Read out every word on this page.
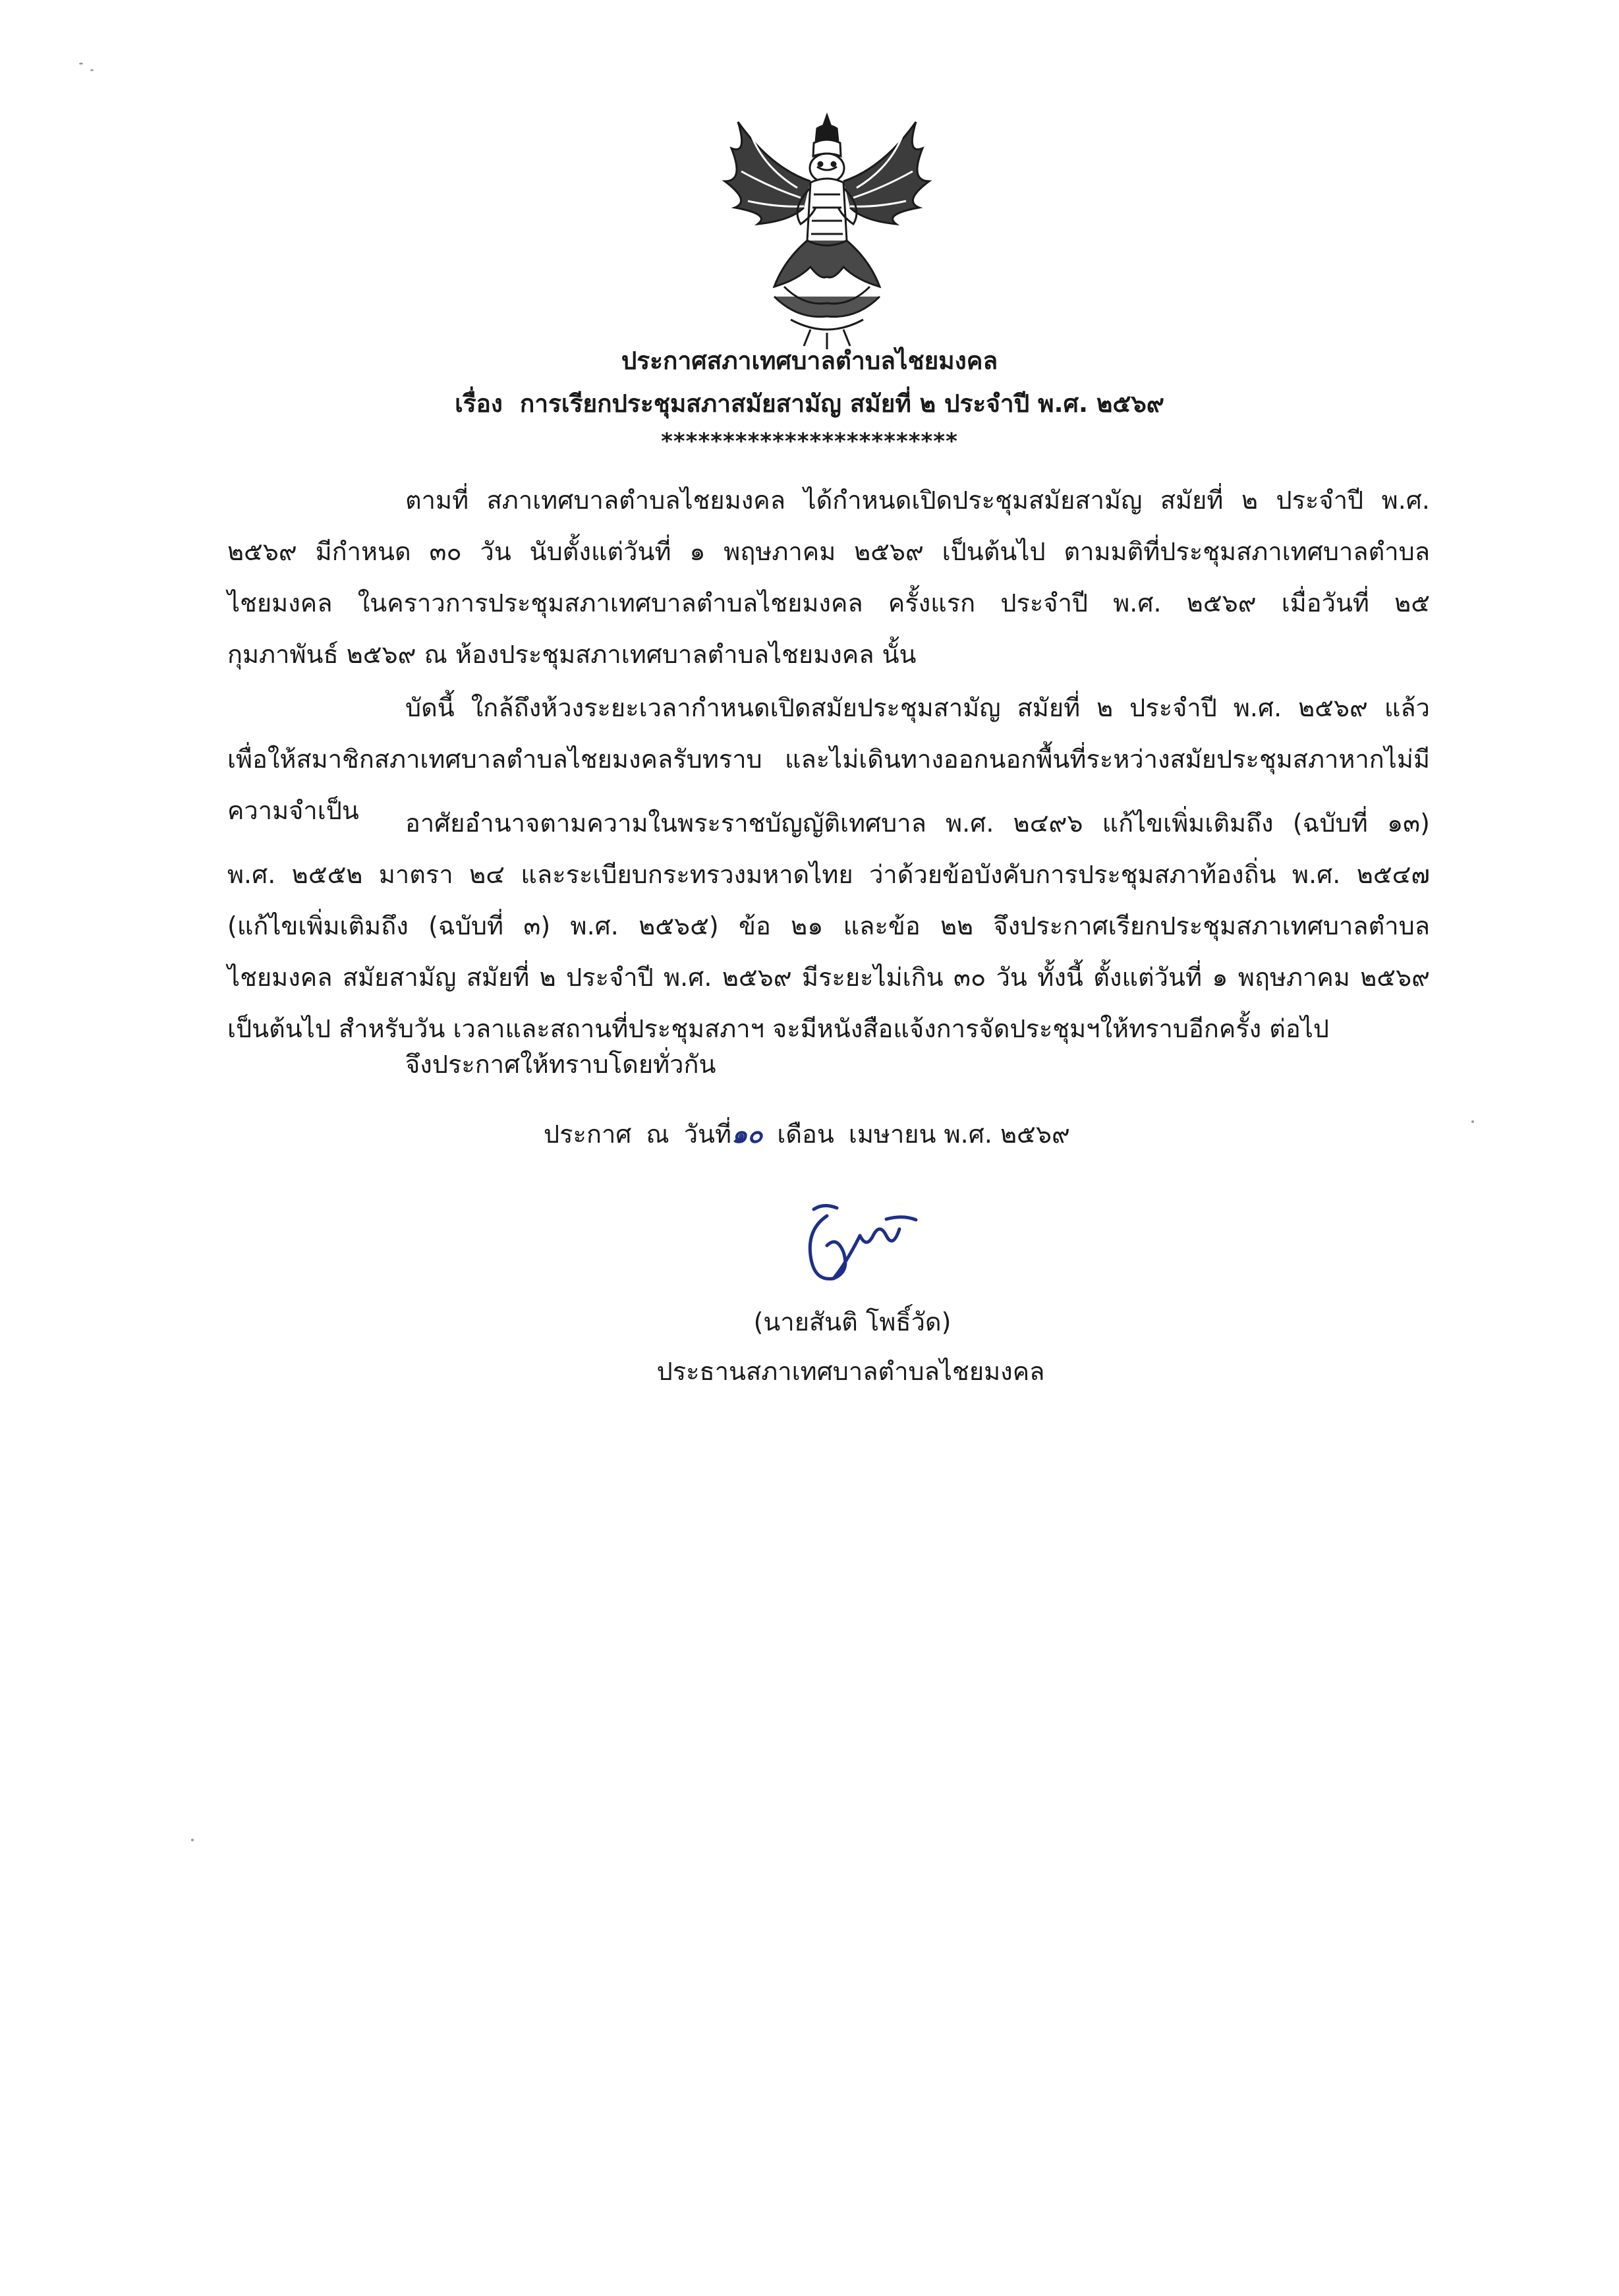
ประกาศสภาเทศบาลตำบลไชยมงคล
เรื่อง การเรียกประชุมสภาสมัยสามัญ สมัยที่ ๒ ประจำปี พ.ศ. ๒๕๖๙
************************
ตามที่ สภาเทศบาลตำบลไชยมงคล ได้กำหนดเปิดประชุมสมัยสามัญ สมัยที่ ๒ ประจำปี พ.ศ.
๒๕๖๙ มีกำหนด ๓๐ วัน นับตั้งแต่วันที่ ๑ พฤษภาคม ๒๕๖๙ เป็นต้นไป ตามมติที่ประชุมสภาเทศบาลตำบล
ไชยมงคล ในคราวการประชุมสภาเทศบาลตำบลไชยมงคล ครั้งแรก ประจำปี พ.ศ. ๒๕๖๙ เมื่อวันที่ ๒๕
กุมภาพันธ์ ๒๕๖๙ ณ ห้องประชุมสภาเทศบาลตำบลไชยมงคล นั้น
บัดนี้ ใกล้ถึงห้วงระยะเวลากำหนดเปิดสมัยประชุมสามัญ สมัยที่ ๒ ประจำปี พ.ศ. ๒๕๖๙ แล้ว
เพื่อให้สมาชิกสภาเทศบาลตำบลไชยมงคลรับทราบ และไม่เดินทางออกนอกพื้นที่ระหว่างสมัยประชุมสภาหากไม่มี
ความจำเป็น	อาศัยอำนาจตามความในพระราชบัญญัติเทศบาล พ.ศ. ๒๔๙๖ แก้ไขเพิ่มเติมถึง (ฉบับที่ ๑๓)
พ.ศ. ๒๕๕๒ มาตรา ๒๔ และระเบียบกระทรวงมหาดไทย ว่าด้วยข้อบังคับการประชุมสภาท้องถิ่น พ.ศ. ๒๕๔๗
(แก้ไขเพิ่มเติมถึง (ฉบับที่ ๓) พ.ศ. ๒๕๖๕) ข้อ ๒๑ และข้อ ๒๒ จึงประกาศเรียกประชุมสภาเทศบาลตำบล
ไชยมงคล สมัยสามัญ สมัยที่ ๒ ประจำปี พ.ศ. ๒๕๖๙ มีระยะไม่เกิน ๓๐ วัน ทั้งนี้ ตั้งแต่วันที่ ๑ พฤษภาคม ๒๕๖๙
เป็นต้นไป สำหรับวัน เวลาและสถานที่ประชุมสภาฯ จะมีหนังสือแจ้งการจัดประชุมฯให้ทราบอีกครั้ง ต่อไป
จึงประกาศให้ทราบโดยทั่วกัน
ประกาศ ณ วันที่๑๐ เดือน เมษายน พ.ศ. ๒๕๖๙
(นายสันติ โพธิ์วัด)
ประธานสภาเทศบาลตำบลไชยมงคล
